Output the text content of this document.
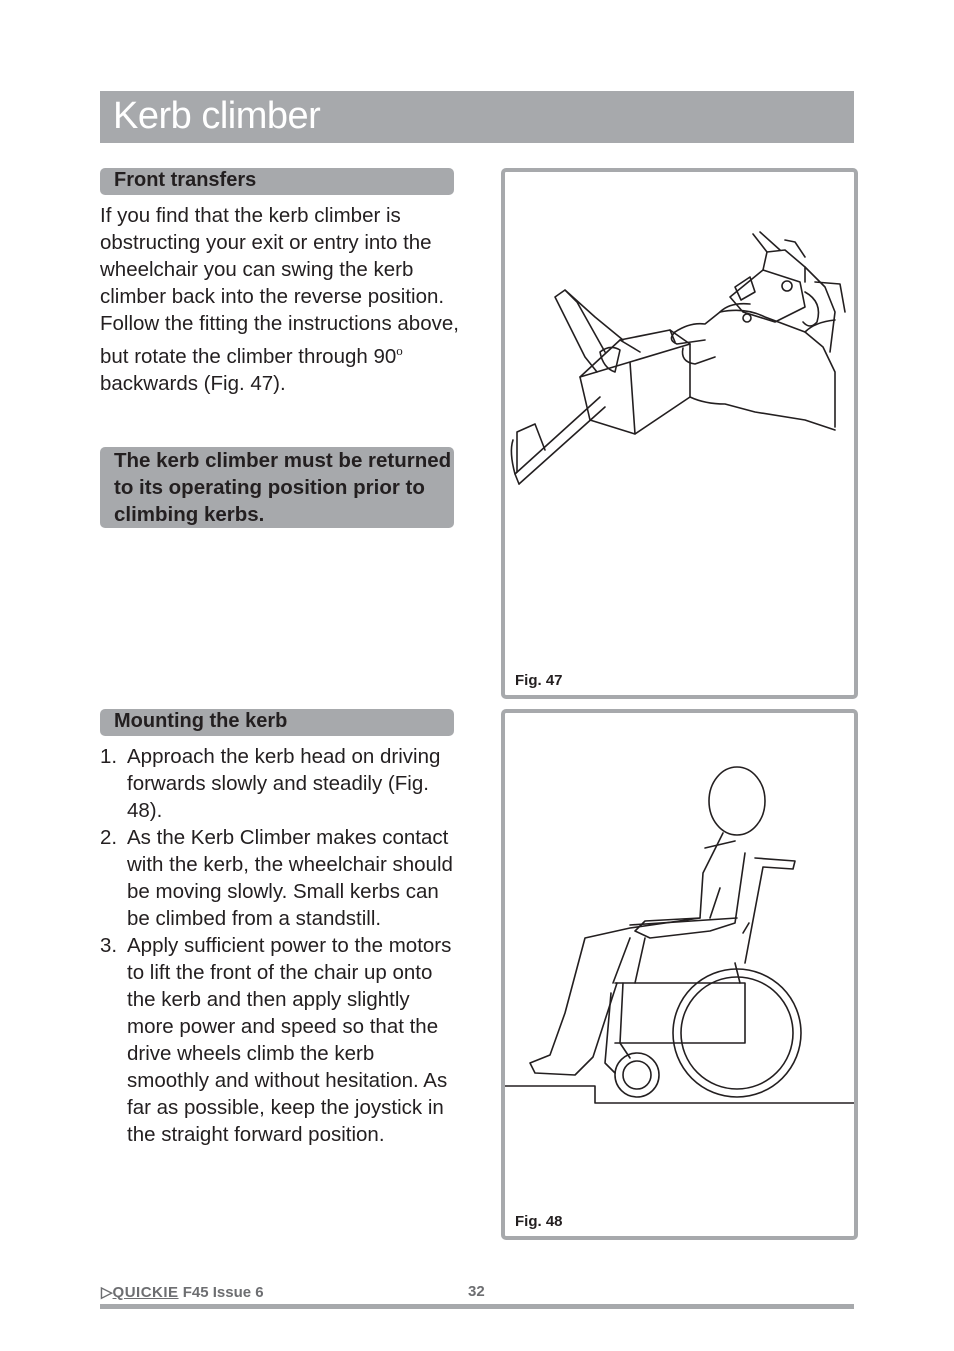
Kerb climber
Front transfers

If you find that the kerb climber is obstructing your exit or entry into the wheelchair you can swing the kerb climber back into the reverse position. Follow the fitting the instructions above, but rotate the climber through 90$^o$ backwards (Fig. 47).

The kerb climber must be returned to its operating position prior to climbing kerbs.

Fig. 47
Mounting the kerb
1. Approach the kerb head on driving forwards slowly and steadily (Fig. 48).
2. As the Kerb Climber makes contact with the kerb, the wheelchair should be moving slowly. Small kerbs can be climbed from a standstill.
3. Apply sufficient power to the motors to lift the front of the chair up onto the kerb and then apply slightly more power and speed so that the drive wheels climb the kerb smoothly and without hesitation. As far as possible, keep the joystick in the straight forward position.
Fig. 48
▷QUICKIE F45 Issue 6	32
